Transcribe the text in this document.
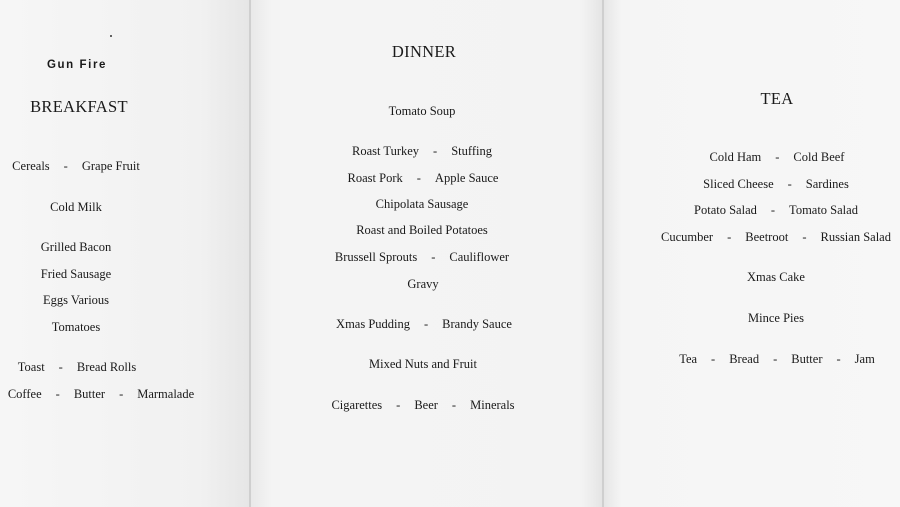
Gun Fire
BREAKFAST
DINNER
TEA
Cereals - Grape Fruit
Cold Milk
Grilled Bacon
Fried Sausage
Eggs Various
Tomatoes
Toast - Bread Rolls
Coffee - Butter - Marmalade
Tomato Soup
Roast Turkey - Stuffing
Roast Pork - Apple Sauce
Chipolata Sausage
Roast and Boiled Potatoes
Brussell Sprouts - Cauliflower
Gravy
Xmas Pudding - Brandy Sauce
Mixed Nuts and Fruit
Cigarettes - Beer - Minerals
Cold Ham - Cold Beef
Sliced Cheese - Sardines
Potato Salad - Tomato Salad
Cucumber - Beetroot - Russian Salad
Xmas Cake
Mince Pies
Tea - Bread - Butter - Jam
